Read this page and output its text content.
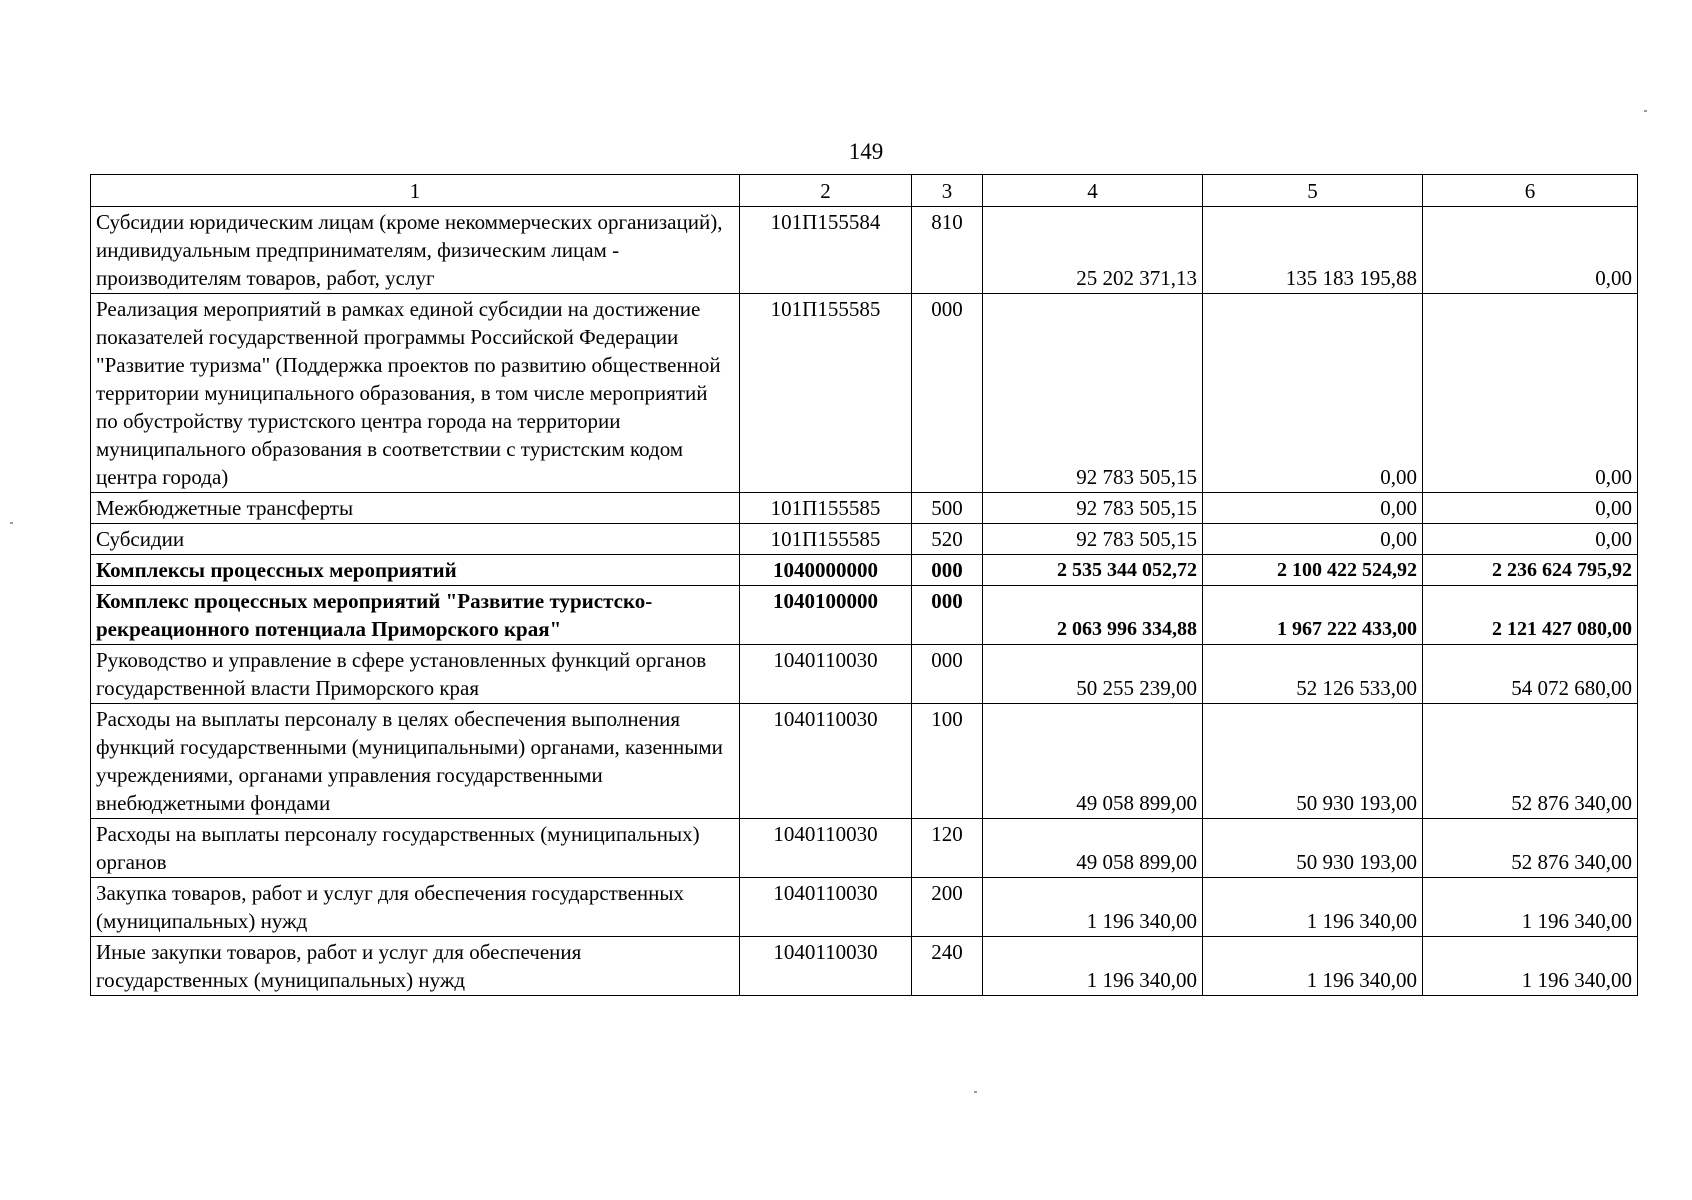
149
1	2	3	4	5	6
Субсидии юридическим лицам (кроме некоммерческих организаций), индивидуальным предпринимателям, физическим лицам - производителям товаров, работ, услуг	101П155584	810	25 202 371,13	135 183 195,88	0,00
Реализация мероприятий в рамках единой субсидии на достижение показателей государственной программы Российской Федерации "Развитие туризма" (Поддержка проектов по развитию общественной территории муниципального образования, в том числе мероприятий по обустройству туристского центра города на территории муниципального образования в соответствии с туристским кодом центра города)	101П155585	000	92 783 505,15	0,00	0,00
Межбюджетные трансферты	101П155585	500	92 783 505,15	0,00	0,00
Субсидии	101П155585	520	92 783 505,15	0,00	0,00
Комплексы процессных мероприятий	1040000000	000	2 535 344 052,72	2 100 422 524,92	2 236 624 795,92
Комплекс процессных мероприятий "Развитие туристско-рекреационного потенциала Приморского края"	1040100000	000	2 063 996 334,88	1 967 222 433,00	2 121 427 080,00
Руководство и управление в сфере установленных функций органов государственной власти Приморского края	1040110030	000	50 255 239,00	52 126 533,00	54 072 680,00
Расходы на выплаты персоналу в целях обеспечения выполнения функций государственными (муниципальными) органами, казенными учреждениями, органами управления государственными внебюджетными фондами	1040110030	100	49 058 899,00	50 930 193,00	52 876 340,00
Расходы на выплаты персоналу государственных (муниципальных) органов	1040110030	120	49 058 899,00	50 930 193,00	52 876 340,00
Закупка товаров, работ и услуг для обеспечения государственных (муниципальных) нужд	1040110030	200	1 196 340,00	1 196 340,00	1 196 340,00
Иные закупки товаров, работ и услуг для обеспечения государственных (муниципальных) нужд	1040110030	240	1 196 340,00	1 196 340,00	1 196 340,00
